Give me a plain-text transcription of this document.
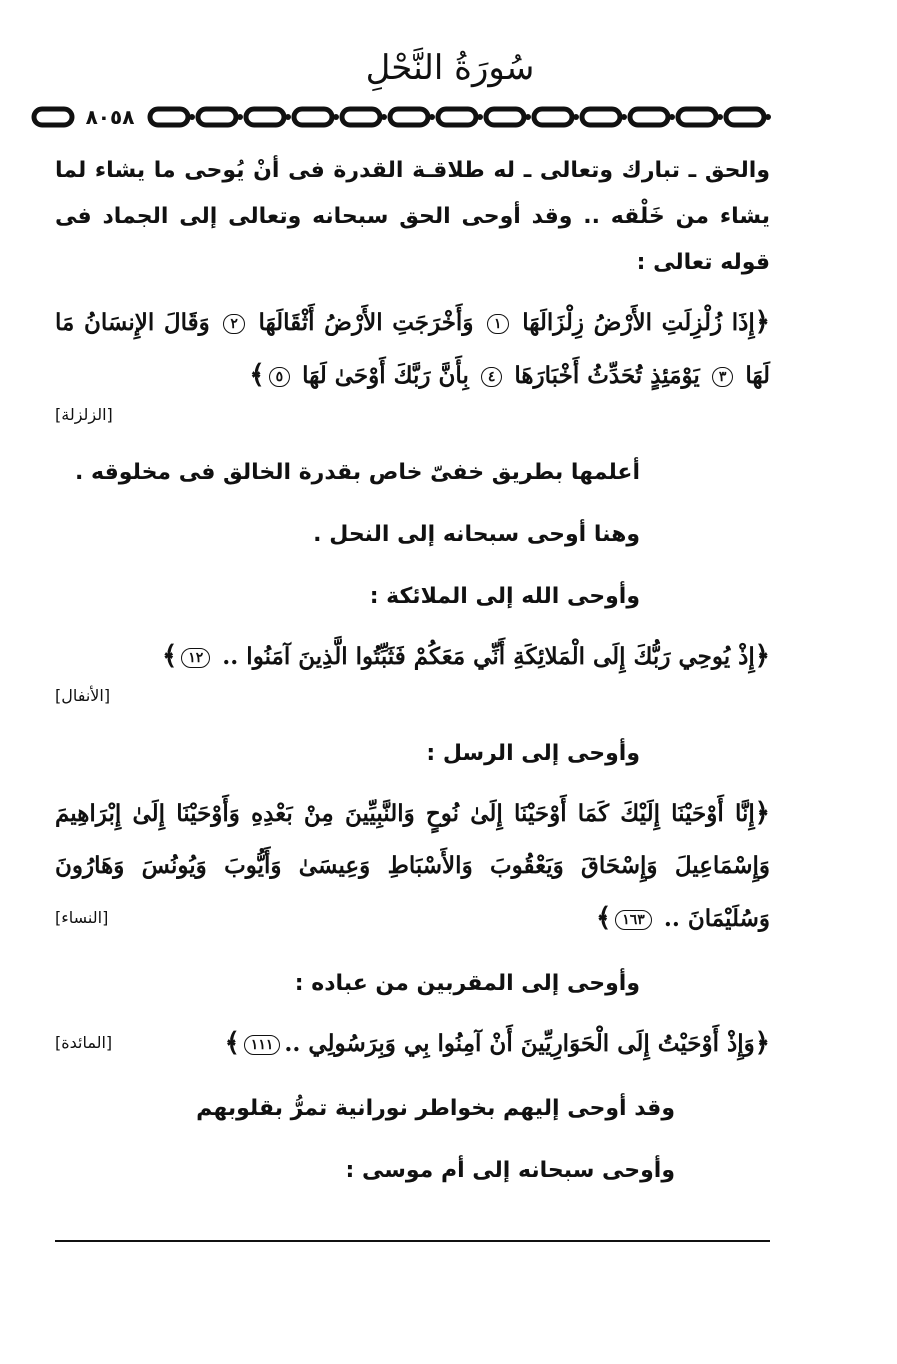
سُورَةُ النَّحْلِ
٨٠٥٨

والحق ـ تبارك وتعالى ـ له طلاقـة القدرة فى أنْ يُوحى ما يشاء لما يشاء من خَلْقه .. وقد أوحى الحق سبحانه وتعالى إلى الجماد فى قوله تعالى :

﴿إِذَا زُلْزِلَتِ الأَرْضُ زِلْزَالَهَا ١ وَأَخْرَجَتِ الأَرْضُ أَثْقَالَهَا ٢ وَقَالَ الإِنسَانُ مَا لَهَا ٣ يَوْمَئِذٍ تُحَدِّثُ أَخْبَارَهَا ٤ بِأَنَّ رَبَّكَ أَوْحَىٰ لَهَا ٥﴾

[الزلزلة]

أعلمها بطريق خفىّ خاص بقدرة الخالق فى مخلوقه .

وهنا أوحى سبحانه إلى النحل .

وأوحى الله إلى الملائكة :

﴿إِذْ يُوحِي رَبُّكَ إِلَى الْمَلائِكَةِ أَنِّي مَعَكُمْ فَثَبِّتُوا الَّذِينَ آمَنُوا .. ١٢﴾

[الأنفال]

وأوحى إلى الرسل :

﴿إِنَّا أَوْحَيْنَا إِلَيْكَ كَمَا أَوْحَيْنَا إِلَىٰ نُوحٍ وَالنَّبِيِّينَ مِنْ بَعْدِهِ وَأَوْحَيْنَا إِلَىٰ إِبْرَاهِيمَ وَإِسْمَاعِيلَ وَإِسْحَاقَ وَيَعْقُوبَ وَالأَسْبَاطِ وَعِيسَىٰ وَأَيُّوبَ وَيُونُسَ وَهَارُونَ وَسُلَيْمَانَ .. ١٦٣﴾
[النساء]

وأوحى إلى المقربين من عباده :

﴿وَإِذْ أَوْحَيْتُ إِلَى الْحَوَارِيِّينَ أَنْ آمِنُوا بِي وَبِرَسُولِي ..١١١﴾
[المائدة]

وقد أوحى إليهم بخواطر نورانية تمرُّ بقلوبهم

وأوحى سبحانه إلى أم موسى :
